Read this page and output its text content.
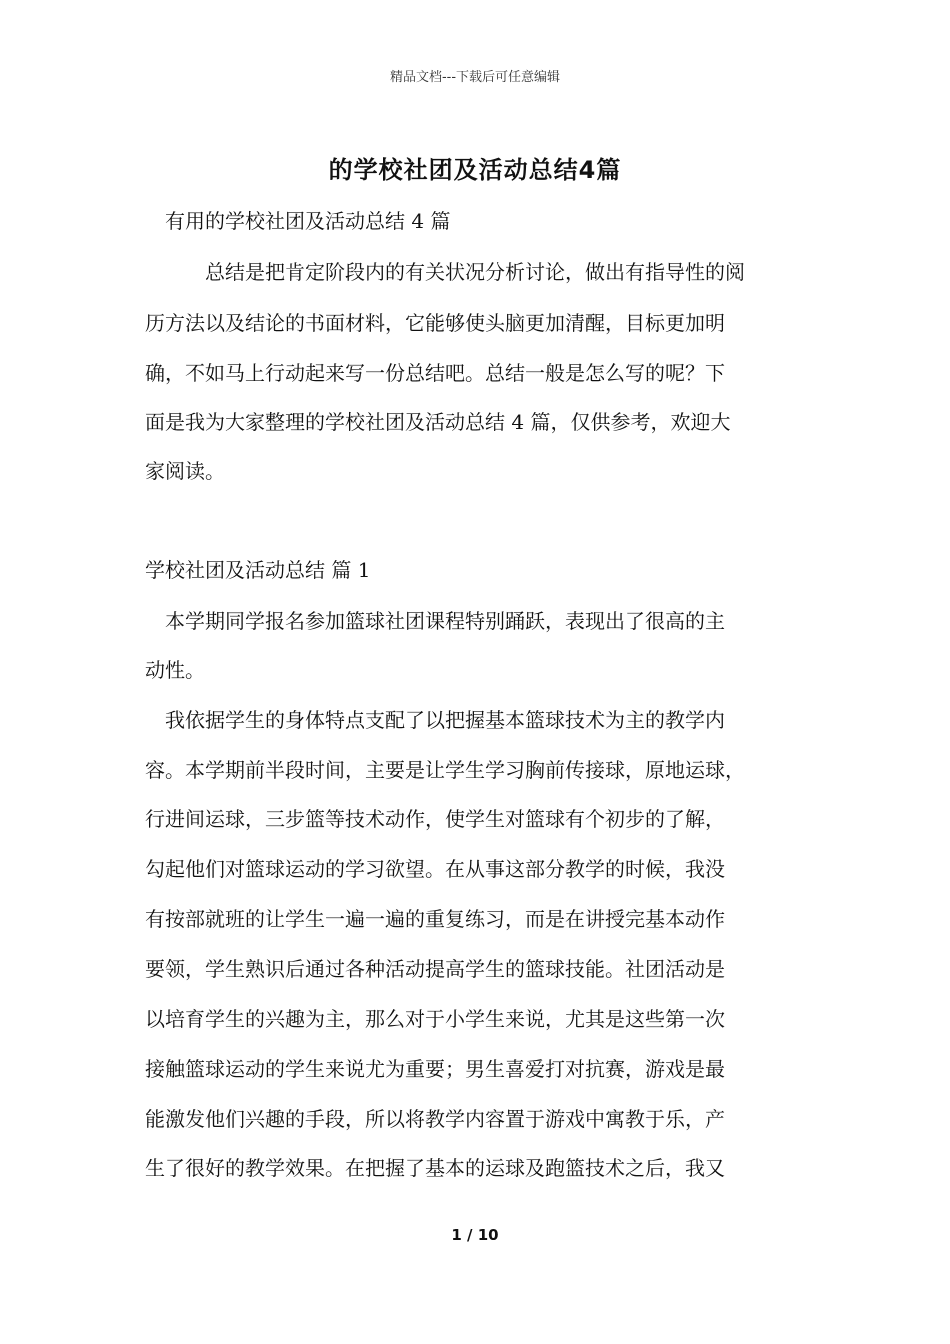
精品文档---下载后可任意编辑
的学校社团及活动总结4篇
有用的学校社团及活动总结 4 篇
总结是把肯定阶段内的有关状况分析讨论，做出有指导性的阅
历方法以及结论的书面材料，它能够使头脑更加清醒，目标更加明
确，不如马上行动起来写一份总结吧。总结一般是怎么写的呢？下
面是我为大家整理的学校社团及活动总结 4 篇，仅供参考，欢迎大
家阅读。
学校社团及活动总结 篇 1
本学期同学报名参加篮球社团课程特别踊跃，表现出了很高的主
动性。
我依据学生的身体特点支配了以把握基本篮球技术为主的教学内
容。本学期前半段时间，主要是让学生学习胸前传接球，原地运球，
行进间运球，三步篮等技术动作，使学生对篮球有个初步的了解，
勾起他们对篮球运动的学习欲望。在从事这部分教学的时候，我没
有按部就班的让学生一遍一遍的重复练习，而是在讲授完基本动作
要领，学生熟识后通过各种活动提高学生的篮球技能。社团活动是
以培育学生的兴趣为主，那么对于小学生来说，尤其是这些第一次
接触篮球运动的学生来说尤为重要；男生喜爱打对抗赛，游戏是最
能激发他们兴趣的手段，所以将教学内容置于游戏中寓教于乐，产
生了很好的教学效果。在把握了基本的运球及跑篮技术之后，我又
1 / 10
